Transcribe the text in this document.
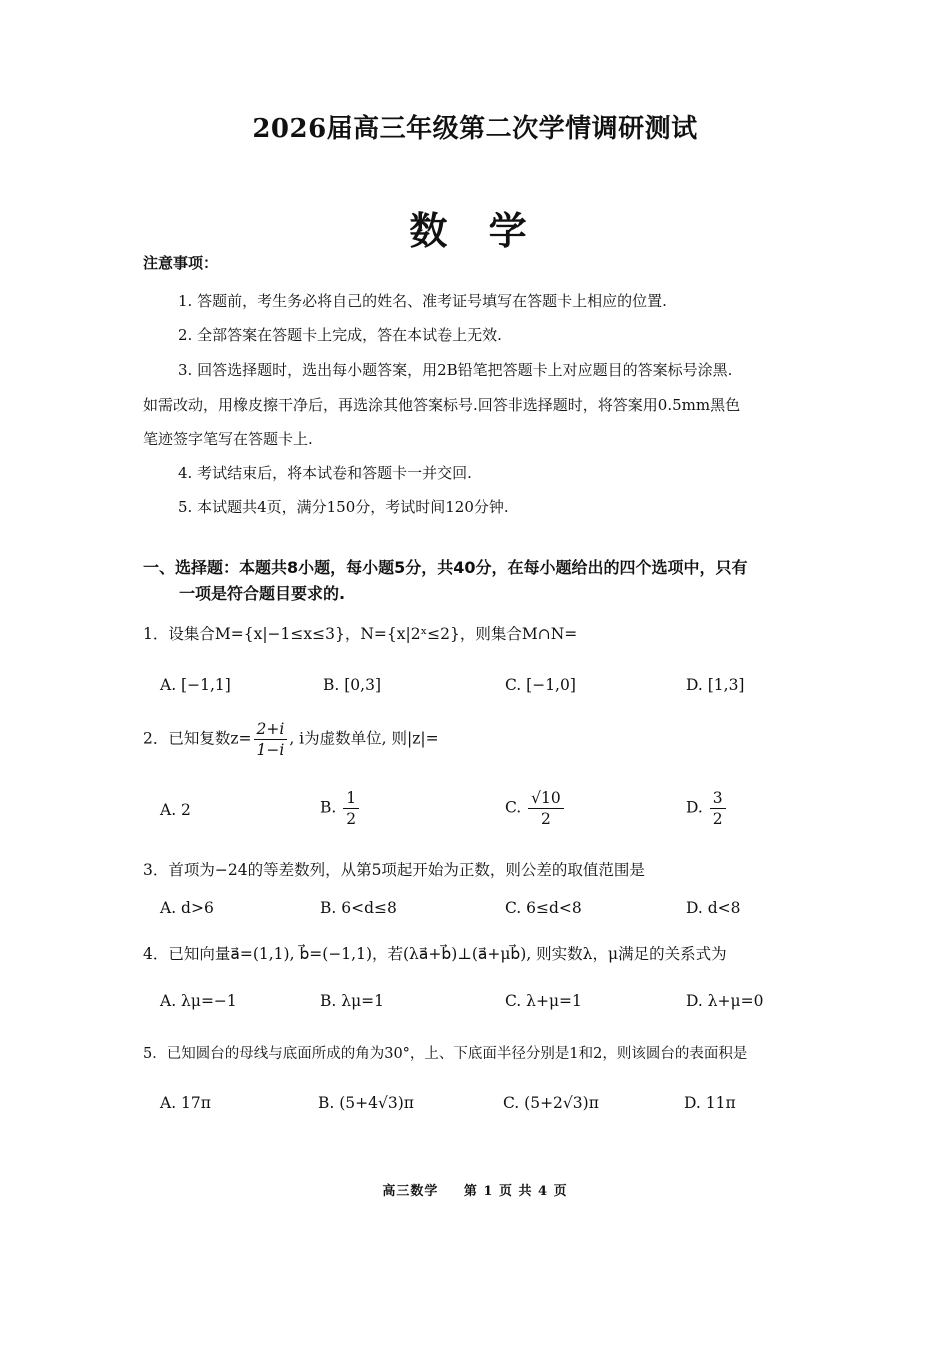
2026届高三年级第二次学情调研测试
数 学
注意事项：
1. 答题前，考生务必将自己的姓名、准考证号填写在答题卡上相应的位置.
2. 全部答案在答题卡上完成，答在本试卷上无效.
3. 回答选择题时，选出每小题答案，用2B铅笔把答题卡上对应题目的答案标号涂黑.
如需改动，用橡皮擦干净后，再选涂其他答案标号.回答非选择题时，将答案用0.5mm黑色
笔迹签字笔写在答题卡上.
4. 考试结束后，将本试卷和答题卡一并交回.
5. 本试题共4页，满分150分，考试时间120分钟.
一、选择题：本题共8小题，每小题5分，共40分，在每小题给出的四个选项中，只有
一项是符合题目要求的.
1．设集合M={x|−1≤x≤3}，N={x|2ˣ≤2}，则集合M∩N=
A. [−1,1]	B. [0,3]	C. [−1,0]	D. [1,3]
2．已知复数$z= \frac{2+i}{1-i}$ , i为虚数单位, 则|z|=
A. 2	B. $\frac{1}{2}$	C. $\frac{√10}{2}$	D. $\frac{3}{2}$
3．首项为−24的等差数列，从第5项起开始为正数，则公差的取值范围是
A. d>6	B. 6<d≤8	C. 6≤d<8	D. d<8
4．已知向量a⃗=(1,1), b⃗=(−1,1)，若(λa⃗+b⃗)⊥(a⃗+μb⃗), 则实数λ，μ满足的关系式为
A. λμ=−1	B. λμ=1	C. λ+μ=1	D. λ+μ=0
5．已知圆台的母线与底面所成的角为30°，上、下底面半径分别是1和2，则该圆台的表面积是
A. 17π	B. (5+4√3)π	C. (5+2√3)π	D. 11π
高三数学 第 1 页 共 4 页
